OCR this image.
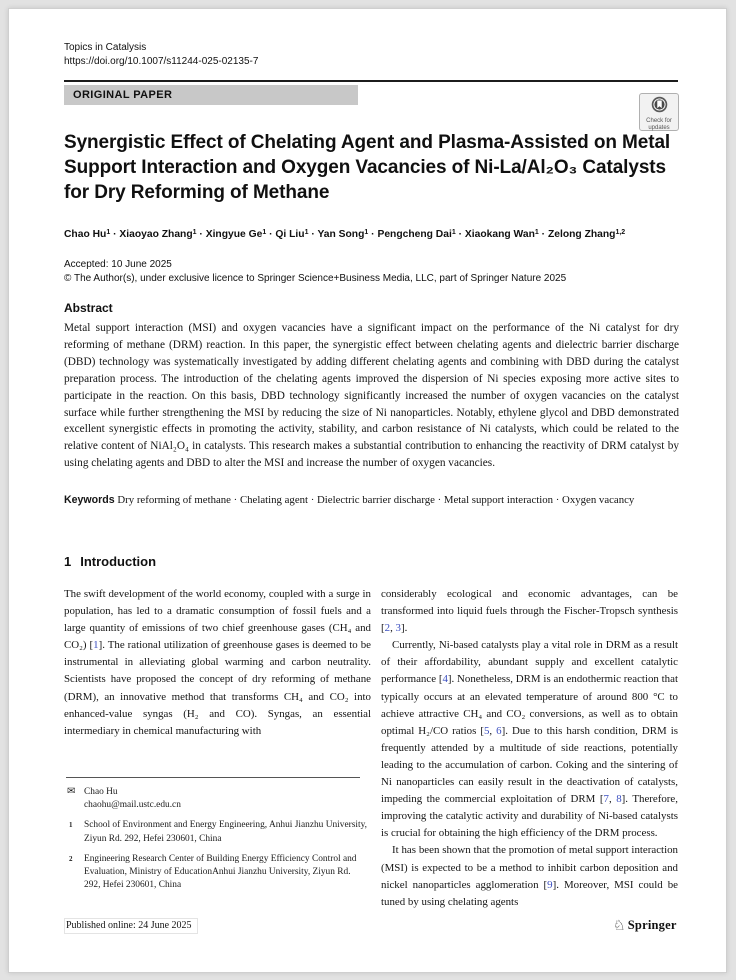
Topics in Catalysis
https://doi.org/10.1007/s11244-025-02135-7
ORIGINAL PAPER
Check for
updates
Synergistic Effect of Chelating Agent and Plasma-Assisted on Metal Support Interaction and Oxygen Vacancies of Ni-La/Al₂O₃ Catalysts for Dry Reforming of Methane
Chao $Hu^1$ · Xiaoyao Zhang$^1$ · Xingyue $Ge^1 \cdot Qi$ Liu$^1$ · Yan Song$^1$ · Pengcheng Dai$^1$ · Xiaokang Wan$^1$ · Zelong Zhang$^{1,2}$
Accepted: 10 June 2025
© The Author(s), under exclusive licence to Springer Science+Business Media, LLC, part of Springer Nature 2025
Abstract
Metal support interaction (MSI) and oxygen vacancies have a significant impact on the performance of the Ni catalyst for dry reforming of methane (DRM) reaction. In this paper, the synergistic effect between chelating agents and dielectric barrier discharge (DBD) technology was systematically investigated by adding different chelating agents and combining with DBD during the catalyst preparation process. The introduction of the chelating agents improved the dispersion of Ni species exposing more active sites to participate in the reaction. On this basis, DBD technology significantly increased the number of oxygen vacancies on the catalyst surface while further strengthening the MSI by reducing the size of Ni nanoparticles. Notably, ethylene glycol and DBD demonstrated excellent synergistic effects in promoting the activity, stability, and carbon resistance of Ni catalysts, which could be related to the relative content of NiAl₂O₄ in catalysts. This research makes a substantial contribution to enhancing the reactivity of DRM catalyst by using chelating agents and DBD to alter the MSI and increase the number of oxygen vacancies.
Keywords Dry reforming of methane · Chelating agent · Dielectric barrier discharge · Metal support interaction · Oxygen vacancy
1 Introduction

The swift development of the world economy, coupled with a surge in population, has led to a dramatic consumption of fossil fuels and a large quantity of emissions of two chief greenhouse gases (CH₄ and CO₂) [1]. The rational utilization of greenhouse gases is deemed to be instrumental in alleviating global warming and carbon neutrality. Scientists have proposed the concept of dry reforming of methane (DRM), an innovative method that transforms CH₄ and CO₂ into enhanced-value syngas (H₂ and CO). Syngas, an essential intermediary in chemical manufacturing with

considerably ecological and economic advantages, can be transformed into liquid fuels through the Fischer-Tropsch synthesis [2, 3].

Currently, Ni-based catalysts play a vital role in DRM as a result of their affordability, abundant supply and excellent catalytic performance [4]. Nonetheless, DRM is an endothermic reaction that typically occurs at an elevated temperature of around 800 °C to achieve attractive CH₄ and CO₂ conversions, as well as to obtain optimal H₂/CO ratios [5, 6]. Due to this harsh condition, DRM is frequently attended by a multitude of side reactions, potentially leading to the accumulation of carbon. Coking and the sintering of Ni nanoparticles can easily result in the deactivation of catalysts, impeding the commercial exploitation of DRM [7, 8]. Therefore, improving the catalytic activity and durability of Ni-based catalysts is crucial for obtaining the high efficiency of the DRM process.

It has been shown that the promotion of metal support interaction (MSI) is expected to be a method to inhibit carbon deposition and nickel nanoparticles agglomeration [9]. Moreover, MSI could be tuned by using chelating agents

✉ Chao Hu
chaohu@mail.ustc.edu.cn
1 School of Environment and Energy Engineering, Anhui Jianzhu University, Ziyun Rd. 292, Hefei 230601, China
2 Engineering Research Center of Building Energy Efficiency Control and Evaluation, Ministry of EducationAnhui Jianzhu University, Ziyun Rd. 292, Hefei 230601, China
Published online: 24 June 2025	♘ Springer
